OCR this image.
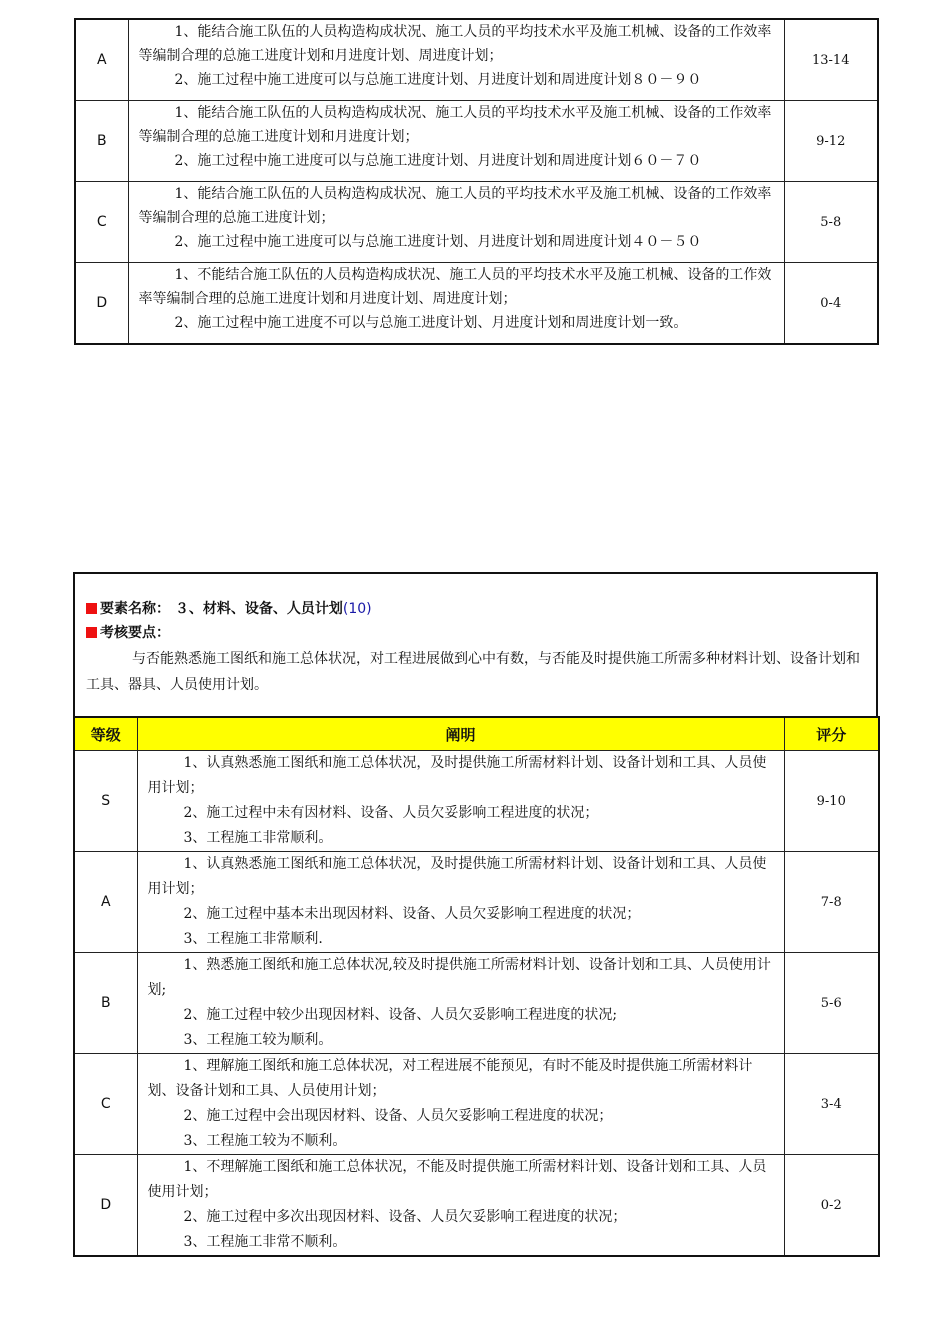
A	1、能结合施工队伍的人员构造构成状况、施工人员的平均技术水平及施工机械、设备的工作效率等编制合理的总施工进度计划和月进度计划、周进度计划；

2、施工过程中施工进度可以与总施工进度计划、月进度计划和周进度计划８０－９０	13-14
B	1、能结合施工队伍的人员构造构成状况、施工人员的平均技术水平及施工机械、设备的工作效率等编制合理的总施工进度计划和月进度计划；

2、施工过程中施工进度可以与总施工进度计划、月进度计划和周进度计划６０－７０	9-12
C	1、能结合施工队伍的人员构造构成状况、施工人员的平均技术水平及施工机械、设备的工作效率等编制合理的总施工进度计划；

2、施工过程中施工进度可以与总施工进度计划、月进度计划和周进度计划４０－５０	5-8
D	1、不能结合施工队伍的人员构造构成状况、施工人员的平均技术水平及施工机械、设备的工作效率等编制合理的总施工进度计划和月进度计划、周进度计划；

2、施工过程中施工进度不可以与总施工进度计划、月进度计划和周进度计划一致。	0-4
要素名称： ３、材料、设备、人员计划(10)
考核要点：

与否能熟悉施工图纸和施工总体状况，对工程进展做到心中有数，与否能及时提供施工所需多种材料计划、设备计划和工具、器具、人员使用计划。

等级	阐明	评分
S	1、认真熟悉施工图纸和施工总体状况，及时提供施工所需材料计划、设备计划和工具、人员使用计划；

2、施工过程中未有因材料、设备、人员欠妥影响工程进度的状况；

3、工程施工非常顺利。	9-10
A	1、认真熟悉施工图纸和施工总体状况，及时提供施工所需材料计划、设备计划和工具、人员使用计划；

2、施工过程中基本未出现因材料、设备、人员欠妥影响工程进度的状况；

3、工程施工非常顺利.	7-8
B	1、熟悉施工图纸和施工总体状况,较及时提供施工所需材料计划、设备计划和工具、人员使用计划;

2、施工过程中较少出现因材料、设备、人员欠妥影响工程进度的状况;

3、工程施工较为顺利。	5-6
C	1、理解施工图纸和施工总体状况，对工程进展不能预见，有时不能及时提供施工所需材料计划、设备计划和工具、人员使用计划；

2、施工过程中会出现因材料、设备、人员欠妥影响工程进度的状况；

3、工程施工较为不顺利。	3-4
D	1、不理解施工图纸和施工总体状况，不能及时提供施工所需材料计划、设备计划和工具、人员使用计划；

2、施工过程中多次出现因材料、设备、人员欠妥影响工程进度的状况；

3、工程施工非常不顺利。	0-2
